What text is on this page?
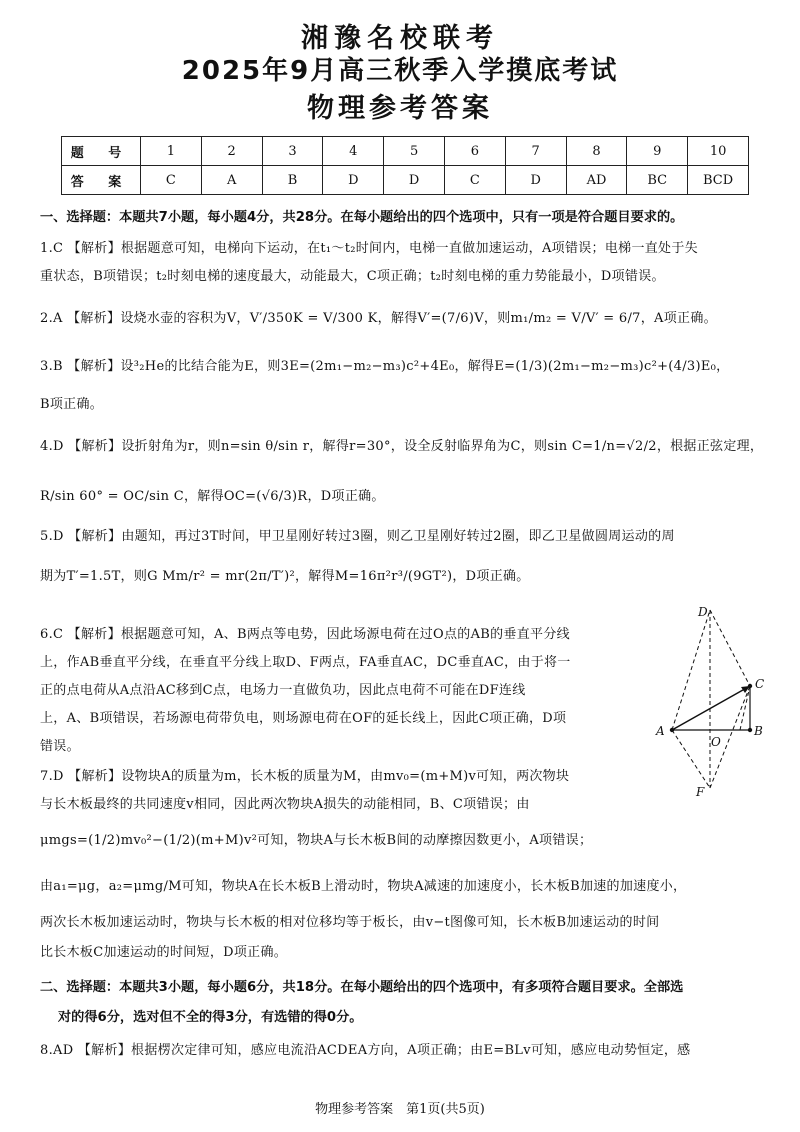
湘豫名校联考
2025年9月高三秋季入学摸底考试
物理参考答案
题 号	1	2	3	4	5	6	7	8	9	10
答 案	C	A	B	D	D	C	D	AD	BC	BCD
一、选择题：本题共7小题，每小题4分，共28分。在每小题给出的四个选项中，只有一项是符合题目要求的。
1.C 【解析】根据题意可知，电梯向下运动，在t₁～t₂时间内，电梯一直做加速运动，A项错误；电梯一直处于失
重状态，B项错误；t₂时刻电梯的速度最大，动能最大，C项正确；t₂时刻电梯的重力势能最小，D项错误。
2.A 【解析】设烧水壶的容积为V，V′/350K = V/300 K，解得V′=(7/6)V，则m₁/m₂ = V/V′ = 6/7，A项正确。
3.B 【解析】设³₂He的比结合能为E，则3E=(2m₁−m₂−m₃)c²+4E₀，解得E=(1/3)(2m₁−m₂−m₃)c²+(4/3)E₀，
B项正确。
4.D 【解析】设折射角为r，则n=sin θ/sin r，解得r=30°，设全反射临界角为C，则sin C=1/n=√2/2，根据正弦定理，
R/sin 60° = OC/sin C，解得OC=(√6/3)R，D项正确。
5.D 【解析】由题知，再过3T时间，甲卫星刚好转过3圈，则乙卫星刚好转过2圈，即乙卫星做圆周运动的周
期为T′=1.5T，则G Mm/r² = mr(2π/T′)²，解得M=16π²r³/(9GT²)，D项正确。
6.C 【解析】根据题意可知，A、B两点等电势，因此场源电荷在过O点的AB的垂直平分线
上，作AB垂直平分线，在垂直平分线上取D、F两点，FA垂直AC，DC垂直AC，由于将一
正的点电荷从A点沿AC移到C点，电场力一直做负功，因此点电荷不可能在DF连线
上，A、B项错误，若场源电荷带负电，则场源电荷在OF的延长线上，因此C项正确，D项
错误。
7.D 【解析】设物块A的质量为m，长木板的质量为M，由mv₀=(m+M)v可知，两次物块
与长木板最终的共同速度v相同，因此两次物块A损失的动能相同，B、C项错误；由
μmgs=(1/2)mv₀²−(1/2)(m+M)v²可知，物块A与长木板B间的动摩擦因数更小，A项错误；
由a₁=μg，a₂=μmg/M可知，物块A在长木板B上滑动时，物块A减速的加速度小，长木板B加速的加速度小，
两次长木板加速运动时，物块与长木板的相对位移均等于板长，由v−t图像可知，长木板B加速运动的时间
比长木板C加速运动的时间短，D项正确。
二、选择题：本题共3小题，每小题6分，共18分。在每小题给出的四个选项中，有多项符合题目要求。全部选
对的得6分，选对但不全的得3分，有选错的得0分。
8.AD 【解析】根据楞次定律可知，感应电流沿ACDEA方向，A项正确；由E=BLv可知，感应电动势恒定，感
D
C
A
O
B
F
物理参考答案　第1页(共5页)
